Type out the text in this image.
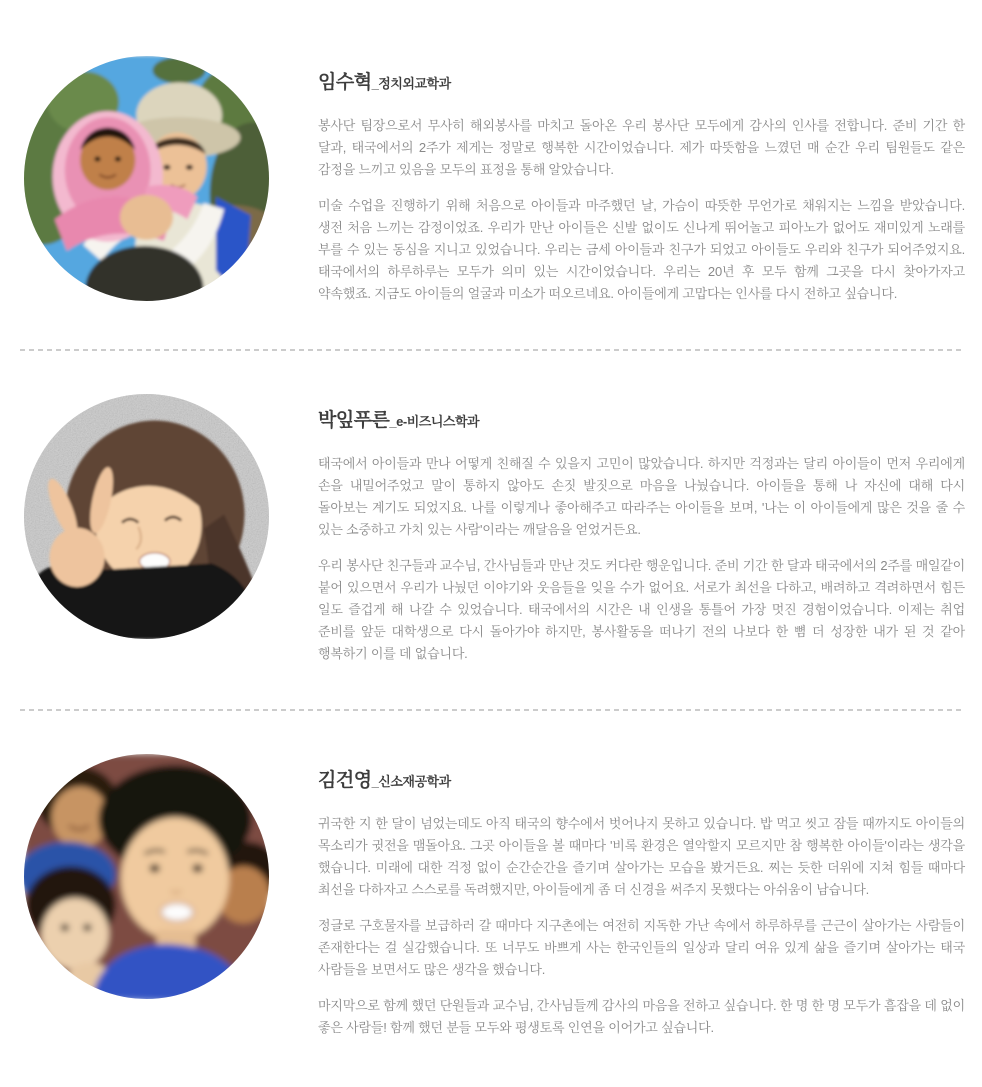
임수혁_정치외교학과

봉사단 팀장으로서 무사히 해외봉사를 마치고 돌아온 우리 봉사단 모두에게 감사의 인사를 전합니다. 준비 기간 한 달과, 태국에서의 2주가 제게는 정말로 행복한 시간이었습니다. 제가 따뜻함을 느꼈던 매 순간 우리 팀원들도 같은 감정을 느끼고 있음을 모두의 표정을 통해 알았습니다.

미술 수업을 진행하기 위해 처음으로 아이들과 마주했던 날, 가슴이 따뜻한 무언가로 채워지는 느낌을 받았습니다. 생전 처음 느끼는 감정이었죠. 우리가 만난 아이들은 신발 없이도 신나게 뛰어놀고 피아노가 없어도 재미있게 노래를 부를 수 있는 동심을 지니고 있었습니다. 우리는 금세 아이들과 친구가 되었고 아이들도 우리와 친구가 되어주었지요. 태국에서의 하루하루는 모두가 의미 있는 시간이었습니다. 우리는 20년 후 모두 함께 그곳을 다시 찾아가자고 약속했죠. 지금도 아이들의 얼굴과 미소가 떠오르네요. 아이들에게 고맙다는 인사를 다시 전하고 싶습니다.

박잎푸른_e-비즈니스학과

태국에서 아이들과 만나 어떻게 친해질 수 있을지 고민이 많았습니다. 하지만 걱정과는 달리 아이들이 먼저 우리에게 손을 내밀어주었고 말이 통하지 않아도 손짓 발짓으로 마음을 나눴습니다. 아이들을 통해 나 자신에 대해 다시 돌아보는 계기도 되었지요. 나를 이렇게나 좋아해주고 따라주는 아이들을 보며, '나는 이 아이들에게 많은 것을 줄 수 있는 소중하고 가치 있는 사람'이라는 깨달음을 얻었거든요.

우리 봉사단 친구들과 교수님, 간사님들과 만난 것도 커다란 행운입니다. 준비 기간 한 달과 태국에서의 2주를 매일같이 붙어 있으면서 우리가 나눴던 이야기와 웃음들을 잊을 수가 없어요. 서로가 최선을 다하고, 배려하고 격려하면서 힘든 일도 즐겁게 해 나갈 수 있었습니다. 태국에서의 시간은 내 인생을 통틀어 가장 멋진 경험이었습니다. 이제는 취업 준비를 앞둔 대학생으로 다시 돌아가야 하지만, 봉사활동을 떠나기 전의 나보다 한 뼘 더 성장한 내가 된 것 같아 행복하기 이를 데 없습니다.

김건영_신소재공학과

귀국한 지 한 달이 넘었는데도 아직 태국의 향수에서 벗어나지 못하고 있습니다. 밥 먹고 씻고 잠들 때까지도 아이들의 목소리가 귓전을 맴돌아요. 그곳 아이들을 볼 때마다 '비록 환경은 열악할지 모르지만 참 행복한 아이들'이라는 생각을 했습니다. 미래에 대한 걱정 없이 순간순간을 즐기며 살아가는 모습을 봤거든요. 찌는 듯한 더위에 지쳐 힘들 때마다 최선을 다하자고 스스로를 독려했지만, 아이들에게 좀 더 신경을 써주지 못했다는 아쉬움이 남습니다.

정글로 구호물자를 보급하러 갈 때마다 지구촌에는 여전히 지독한 가난 속에서 하루하루를 근근이 살아가는 사람들이 존재한다는 걸 실감했습니다. 또 너무도 바쁘게 사는 한국인들의 일상과 달리 여유 있게 삶을 즐기며 살아가는 태국 사람들을 보면서도 많은 생각을 했습니다.

마지막으로 함께 했던 단원들과 교수님, 간사님들께 감사의 마음을 전하고 싶습니다. 한 명 한 명 모두가 흠잡을 데 없이 좋은 사람들! 함께 했던 분들 모두와 평생토록 인연을 이어가고 싶습니다.
